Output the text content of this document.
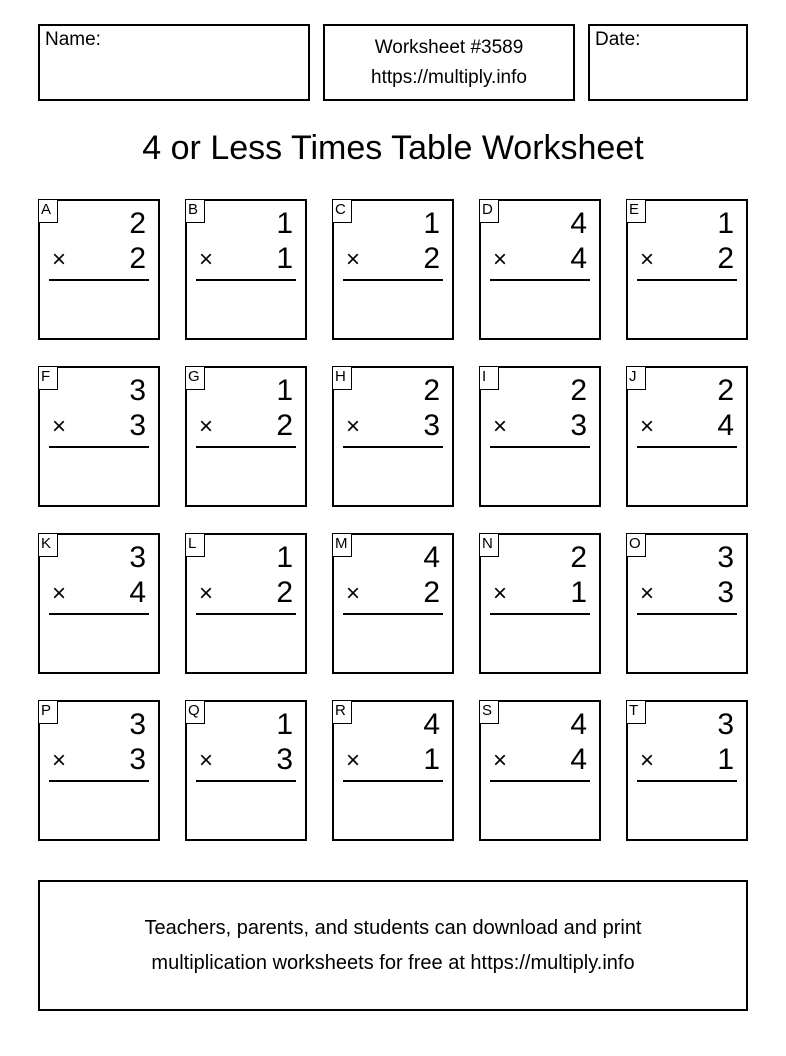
Name:	Worksheet #3589
https://multiply.info
Date:
4 or Less Times Table Worksheet
A	2
× 2
B	1
× 1
C	1
× 2
D	4
× 4
E	1
× 2
F	3
× 3
G	1
× 2
H	2
× 3
I	2
× 3
J	2
× 4
K	3
× 4
L	1
× 2
M	4
× 2
N	2
× 1
O	3
× 3
P	3
× 3
Q	1
× 3
R	4
× 1
S	4
× 4
T	3
× 1
Teachers, parents, and students can download and print
multiplication worksheets for free at https://multiply.info
